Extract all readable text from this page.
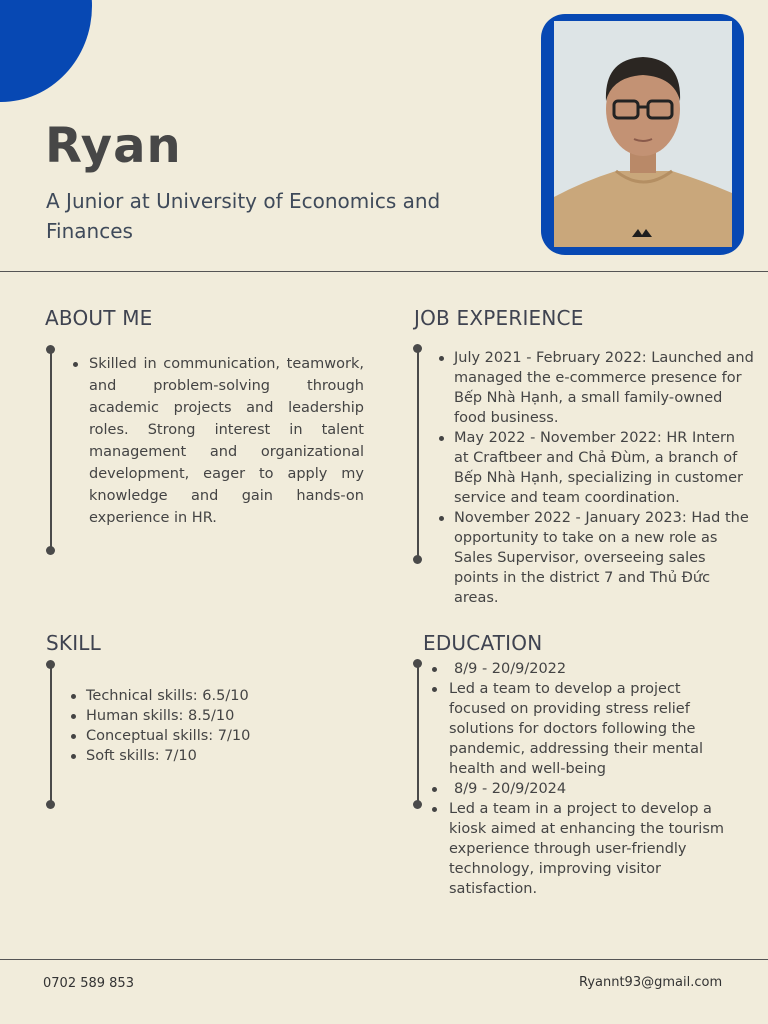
Ryan
A Junior at University of Economics and Finances
ABOUT ME
Skilled in communication, teamwork, and problem-solving through academic projects and leadership roles. Strong interest in talent management and organizational development, eager to apply my knowledge and gain hands-on experience in HR.
JOB EXPERIENCE
July 2021 - February 2022: Launched and managed the e-commerce presence for Bếp Nhà Hạnh, a small family-owned food business.
May 2022 - November 2022: HR Intern at Craftbeer and Chả Đùm, a branch of Bếp Nhà Hạnh, specializing in customer service and team coordination.
November 2022 - January 2023: Had the opportunity to take on a new role as Sales Supervisor, overseeing sales points in the district 7 and Thủ Đức areas.
SKILL
Technical skills: 6.5/10
Human skills: 8.5/10
Conceptual skills: 7/10
Soft skills: 7/10
EDUCATION
8/9 - 20/9/2022
Led a team to develop a project focused on providing stress relief solutions for doctors following the pandemic, addressing their mental health and well-being
8/9 - 20/9/2024
Led a team in a project to develop a kiosk aimed at enhancing the tourism experience through user-friendly technology, improving visitor satisfaction.
0702 589 853	Ryannt93@gmail.com
